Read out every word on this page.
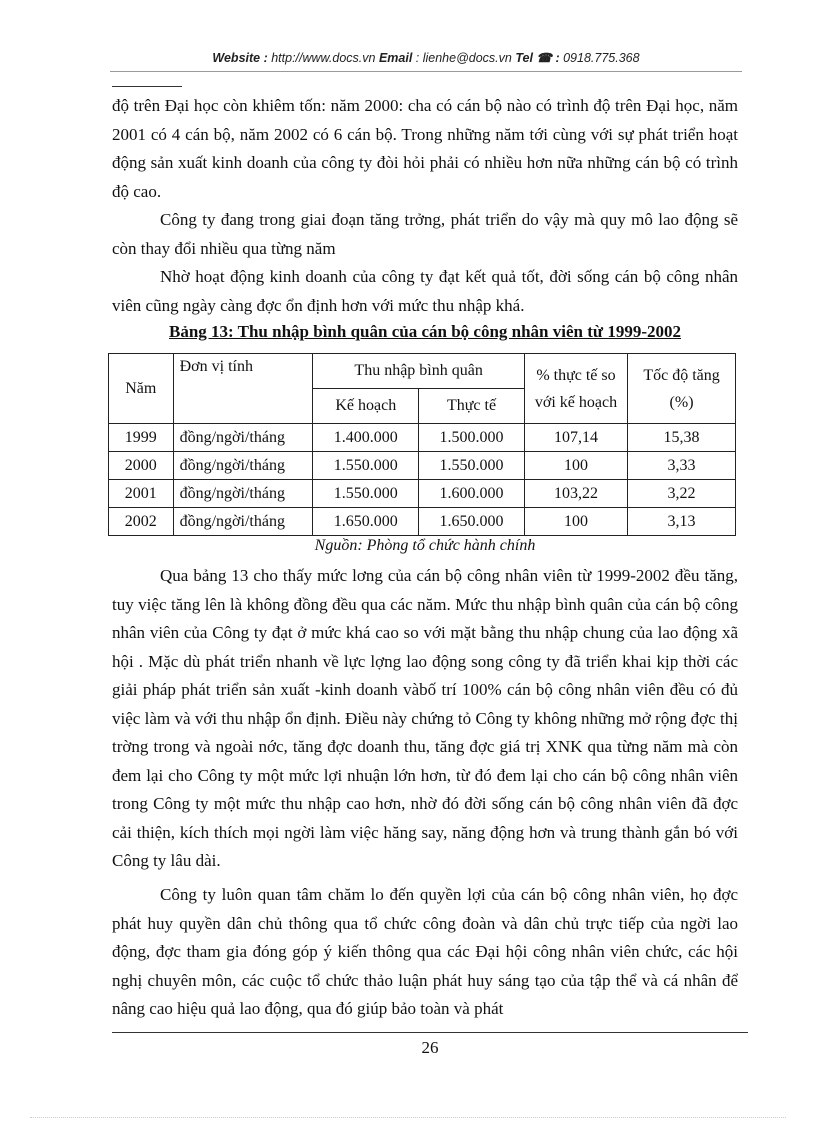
Website : http://www.docs.vn Email : lienhe@docs.vn Tel ☎ : 0918.775.368

độ trên Đại học còn khiêm tốn: năm 2000: cha có cán bộ nào có trình độ trên Đại học, năm 2001 có 4 cán bộ, năm 2002 có 6 cán bộ. Trong những năm tới cùng với sự phát triển hoạt động sản xuất kinh doanh của công ty đòi hỏi phải có nhiều hơn nữa những cán bộ có trình độ cao.

Công ty đang trong giai đoạn tăng trởng, phát triển do vậy mà quy mô lao động sẽ còn thay đổi nhiều qua từng năm

Nhờ hoạt động kinh doanh của công ty đạt kết quả tốt, đời sống cán bộ công nhân viên cũng ngày càng đợc ổn định hơn với mức thu nhập khá.

Bảng 13: Thu nhập bình quân của cán bộ công nhân viên từ 1999-2002

Năm	Đơn vị tính	Thu nhập bình quân		% thực tế so với kế hoạch	Tốc độ tăng (%)
		Kế hoạch	Thực tế		
1999	đồng/ngời/tháng	1.400.000	1.500.000	107,14	15,38
2000	đồng/ngời/tháng	1.550.000	1.550.000	100	3,33
2001	đồng/ngời/tháng	1.550.000	1.600.000	103,22	3,22
2002	đồng/ngời/tháng	1.650.000	1.650.000	100	3,13

Nguồn: Phòng tổ chức hành chính

Qua bảng 13 cho thấy mức lơng của cán bộ công nhân viên từ 1999-2002 đều tăng, tuy việc tăng lên là không đồng đều qua các năm. Mức thu nhập bình quân của cán bộ công nhân viên của Công ty đạt ở mức khá cao so với mặt bằng thu nhập chung của lao động xã hội . Mặc dù phát triển nhanh về lực lợng lao động song công ty đã triển khai kịp thời các giải pháp phát triển sản xuất -kinh doanh vàbố trí 100% cán bộ công nhân viên đều có đủ việc làm và với thu nhập ổn định. Điều này chứng tỏ Công ty không những mở rộng đợc thị trờng trong và ngoài nớc, tăng đợc doanh thu, tăng đợc giá trị XNK qua từng năm mà còn đem lại cho Công ty một mức lợi nhuận lớn hơn, từ đó đem lại cho cán bộ công nhân viên trong Công ty một mức thu nhập cao hơn, nhờ đó đời sống cán bộ công nhân viên đã đợc cải thiện, kích thích mọi ngời làm việc hăng say, năng động hơn và trung thành gắn bó với Công ty lâu dài.

Công ty luôn quan tâm chăm lo đến quyền lợi của cán bộ công nhân viên, họ đợc phát huy quyền dân chủ thông qua tổ chức công đoàn và dân chủ trực tiếp của ngời lao động, đợc tham gia đóng góp ý kiến thông qua các Đại hội công nhân viên chức, các hội nghị chuyên môn, các cuộc tổ chức thảo luận phát huy sáng tạo của tập thể và cá nhân để nâng cao hiệu quả lao động, qua đó giúp bảo toàn và phát

26
